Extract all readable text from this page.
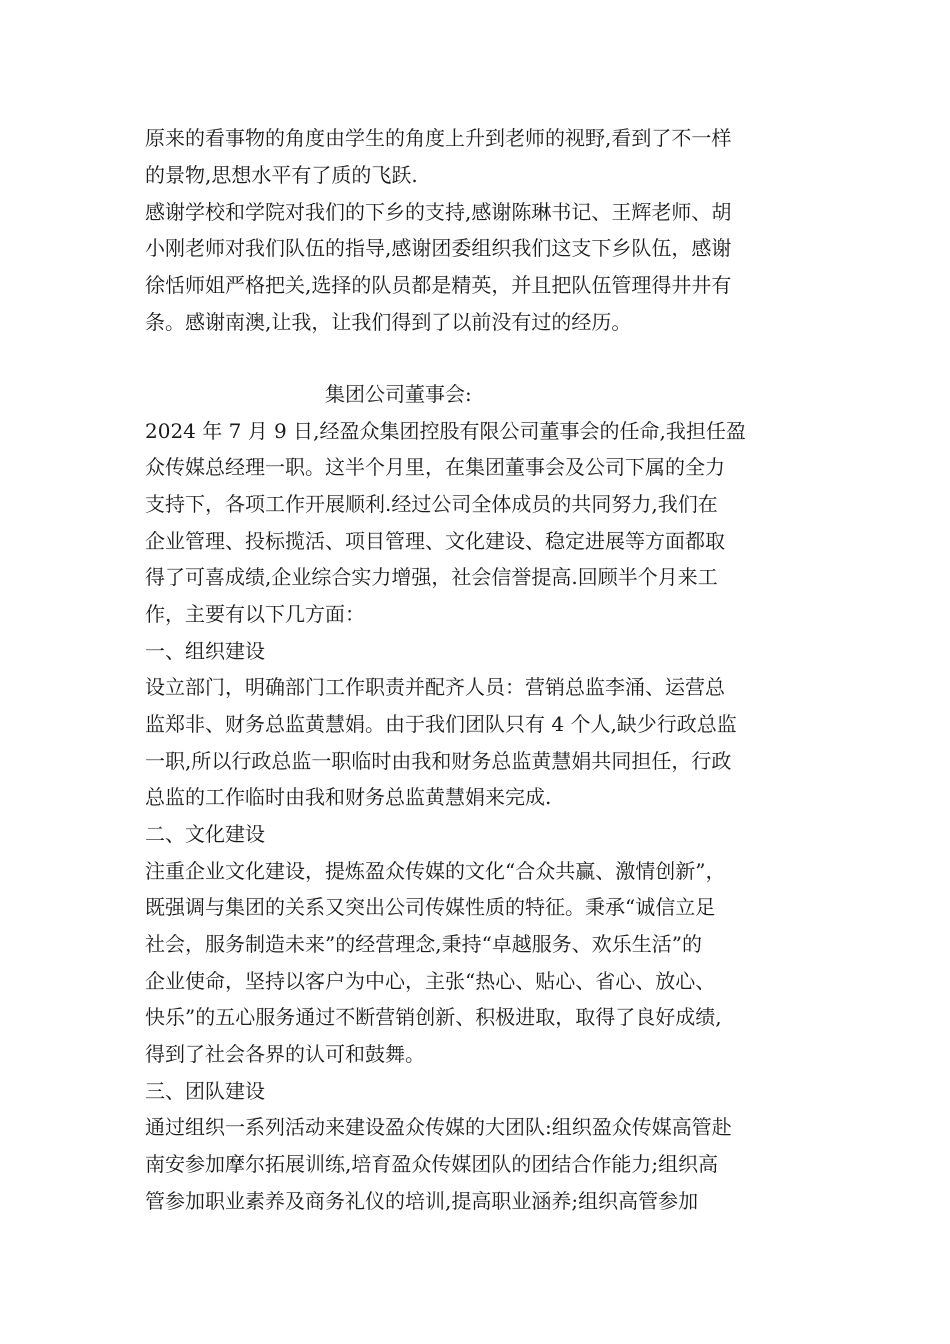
原来的看事物的角度由学生的角度上升到老师的视野,看到了不一样
的景物,思想水平有了质的飞跃.
感谢学校和学院对我们的下乡的支持,感谢陈琳书记、王辉老师、胡
小刚老师对我们队伍的指导,感谢团委组织我们这支下乡队伍，感谢
徐恬师姐严格把关,选择的队员都是精英，并且把队伍管理得井井有
条。感谢南澳,让我，让我们得到了以前没有过的经历。
集团公司董事会:
2024 年 7 月 9 日,经盈众集团控股有限公司董事会的任命,我担任盈
众传媒总经理一职。这半个月里，在集团董事会及公司下属的全力
支持下，各项工作开展顺利.经过公司全体成员的共同努力,我们在
企业管理、投标揽活、项目管理、文化建设、稳定进展等方面都取
得了可喜成绩,企业综合实力增强，社会信誉提高.回顾半个月来工
作，主要有以下几方面：
一、组织建设
设立部门，明确部门工作职责并配齐人员：营销总监李涌、运营总
监郑非、财务总监黄慧娟。由于我们团队只有 4 个人,缺少行政总监
一职,所以行政总监一职临时由我和财务总监黄慧娟共同担任，行政
总监的工作临时由我和财务总监黄慧娟来完成.
二、文化建设
注重企业文化建设，提炼盈众传媒的文化“合众共赢、激情创新”，
既强调与集团的关系又突出公司传媒性质的特征。秉承“诚信立足
社会，服务制造未来”的经营理念,秉持“卓越服务、欢乐生活”的
企业使命，坚持以客户为中心，主张“热心、贴心、省心、放心、
快乐”的五心服务通过不断营销创新、积极进取，取得了良好成绩,
得到了社会各界的认可和鼓舞。
三、团队建设
通过组织一系列活动来建设盈众传媒的大团队:组织盈众传媒高管赴
南安参加摩尔拓展训练,培育盈众传媒团队的团结合作能力;组织高
管参加职业素养及商务礼仪的培训,提高职业涵养;组织高管参加
